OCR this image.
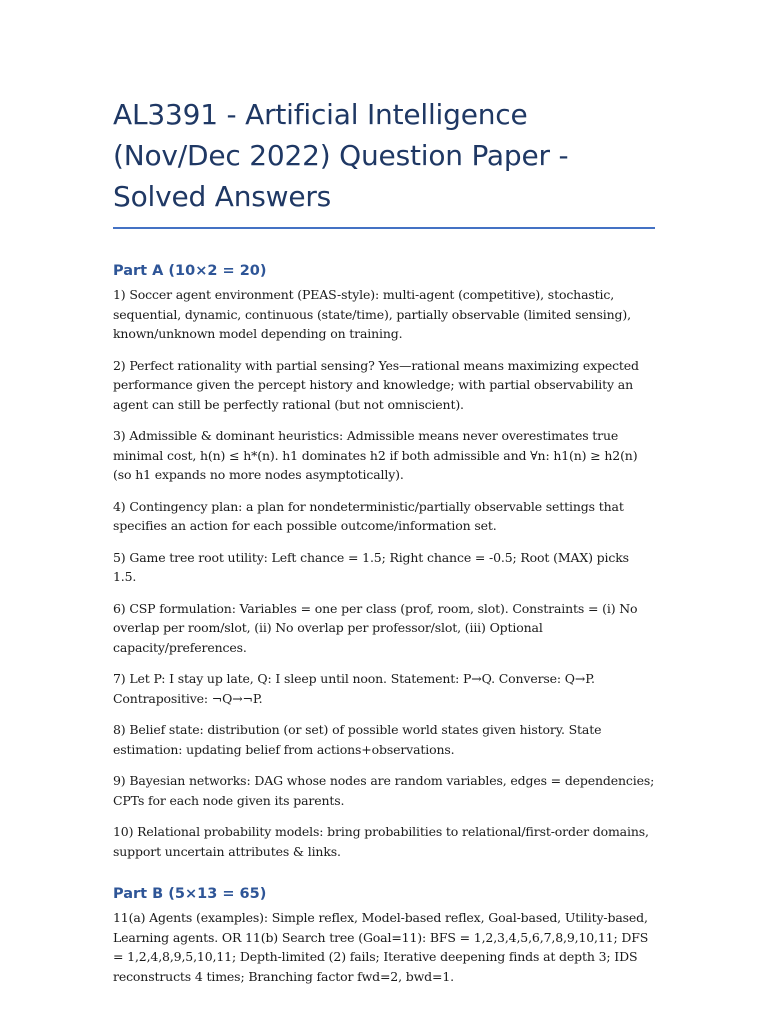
AL3391 - Artificial Intelligence (Nov/Dec 2022) Question Paper - Solved Answers
Part A (10×2 = 20)

1) Soccer agent environment (PEAS-style): multi-agent (competitive), stochastic, sequential, dynamic, continuous (state/time), partially observable (limited sensing), known/unknown model depending on training.

2) Perfect rationality with partial sensing? Yes—rational means maximizing expected performance given the percept history and knowledge; with partial observability an agent can still be perfectly rational (but not omniscient).

3) Admissible & dominant heuristics: Admissible means never overestimates true minimal cost, h(n) ≤ h*(n). h1 dominates h2 if both admissible and ∀n: h1(n) ≥ h2(n) (so h1 expands no more nodes asymptotically).

4) Contingency plan: a plan for nondeterministic/partially observable settings that specifies an action for each possible outcome/information set.

5) Game tree root utility: Left chance = 1.5; Right chance = -0.5; Root (MAX) picks 1.5.

6) CSP formulation: Variables = one per class (prof, room, slot). Constraints = (i) No overlap per room/slot, (ii) No overlap per professor/slot, (iii) Optional capacity/preferences.

7) Let P: I stay up late, Q: I sleep until noon. Statement: P→Q. Converse: Q→P. Contrapositive: ¬Q→¬P.

8) Belief state: distribution (or set) of possible world states given history. State estimation: updating belief from actions+observations.

9) Bayesian networks: DAG whose nodes are random variables, edges = dependencies; CPTs for each node given its parents.

10) Relational probability models: bring probabilities to relational/first-order domains, support uncertain attributes & links.

Part B (5×13 = 65)

11(a) Agents (examples): Simple reflex, Model-based reflex, Goal-based, Utility-based, Learning agents. OR 11(b) Search tree (Goal=11): BFS = 1,2,3,4,5,6,7,8,9,10,11; DFS = 1,2,4,8,9,5,10,11; Depth-limited (2) fails; Iterative deepening finds at depth 3; IDS reconstructs 4 times; Branching factor fwd=2, bwd=1.
